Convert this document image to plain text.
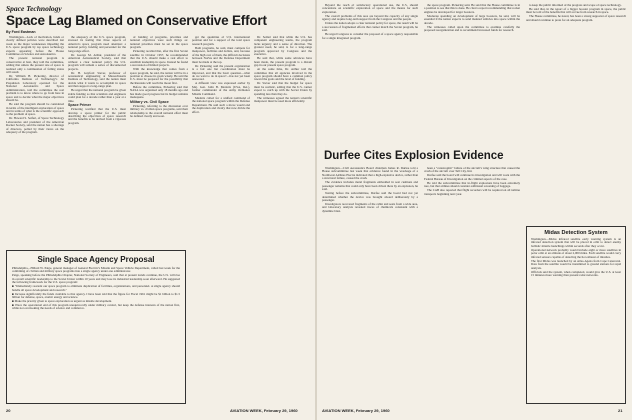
Space Technology
Space Lag Blamed on Conservative Effort
By Ford Eastman

Washington—Lack of motivation, funds or clearly defined policies were described last week as the major weaknesses impeding the U.S. space program by top space technology experts appearing before the House Committee on Science and Astronautics.

The present national program is conservative at best, they told the committee, adding that unless the present rate of space is realized only a continuation of failing status will result.

Dr. William H. Pickering, director of California Institute of Technology's Jet Propulsion Laboratory operated for the National Aeronautics and Space Administration, told the committee the real problem is to know where to go from here in space and to decide what the major objectives should be.

He said the program should be considered in terms of the intelligent exploration of space and in terms of what is the scientific approach to the problem of space.

Dr. Howard S. Seifert, of Space Technology Laboratories and president of the American Rocket Society, said the nation has a shortage of directors, polled by their views on the adequacy of the program.

the adequacy of the U.S. space program, stressed its feeling that three aspects of America's space program need attention: a national policy, funding and personnel for the long-range effort.

Dr. George M. Arthur, president of the American Astronautical Society, said that without a clear national policy the U.S. program will remain a series of disconnected projects.

Dr. H. Guyford Stever, professor of aeronautical engineering at Massachusetts Institute of Technology, said the nation must decide what it wants to accomplish in space and then support a long-range plan.

He urged that the national program be given stable funding so that scientists and engineers could plan for a decade rather than a year at a time.

Space Primer

Pickering testified that the U.S. must develop a space primer for the public describing the objectives of space research and the benefits to be derived from a vigorous program.

of funding of programs, priorities and national objectives were such things as: national priorities must be set in the space program.

Pickering recalled that, after the first Soviet satellite in October 1957, he recommended that the U.S. should make a real effort to establish leadership in space. Instead he found a succession of limited projects.

With the knowledge that comes from a space program, he said, the nation will be in a position to choose its goals wisely. He said the U.S. must be prepared for the possibility that the Russians will reach the moon first.

Before the committee, Pickering said that NASA was organized only 18 months ago and has made good progress but its budget remains inadequate.

Military vs. Civil Space

Pickering, referring to the discussion over military vs. civilian space programs, said their relationship to the overall national effort must be defined clearly and soon.

get the quantities of U.S. international position and for a support of the total space research program.

Both programs, he said, must compete for manpower, facilities and dollars, and, because of the high cost of them, the difficult decisions between NASA and the Defense Department must be made at the top.

Dr. Pickering said the present organization is a fair one but coordination must be improved, and that the basic question—what do we want to do in space?—has not yet been answered.

A different view was expressed earlier by Maj. Gen. John B. Medaris (USA, Ret.), former commander of the Army Ordnance Missile Command.

Medaris called for a unified command of the national space program within the Defense Department. He said such a move would end the duplication and rivalry that now divide the effort.

Dr. Seifert said that while the U.S. has competent engineering teams, the program lacks urgency and a sense of direction. The greatest need, he said, is for a long-range program approved by Congress and the executive.

He said that, while some advances have been made, the present program is a distant gap in our present space program.

At the same time, Dr. Arthur told the committee that all agencies involved in the space program should have a common policy toward the goals and the level of funding.

Dr. Stever said that the budget for space must be realistic, adding that the U.S. cannot expect to catch up with the Soviet Union by spending less than they do.

The witnesses agreed the nation's scientific manpower must be used more efficiently.

Single Space Agency Proposal

Philadelphia—Hillard W. Paige, general manager of General Electric's Missile and Space Vehicle Department, called last week for the combining of civilian and military space programs into a single agency under one administrator.

Paige, speaking before the Philadelphia Chapter, National Society of Engineers, said that at present trends continue, the U.S. will rise in overall scientific leadership to the Soviet Union within 10 years and may lose its industrial leadership soon afterward. He suggested the following framework for the U.S. space program:

■ "Immediately reorient our space program to eliminate duplication of facilities, organizations, and personnel. A single agency should handle all space development and research."

■ Increase significantly the funds available to that agency. I have been told that the figure for Fiscal 1961 might be $1 billion to $1.5 billion for defense, space, atomic energy and science.

■ Make the priority given to space exploration as urgent as missile development.

■ Place the operational end of this program unequivocally under military control, but keep the defense interests of the nation first, while not overlooking the needs of science and commerce.

20	AVIATION WEEK, February 29, 1960

Beyond the reach of satisfactory operational use, the U.S. should concentrate on scientific exploration of space and the means for such exploration.

The overall problems of this area are beyond the capacity of any single agency and require long-term support from the Congress and the people.

Unless the nation adopts a clear national policy for space, the result will be a succession of fragmented efforts that cannot match the Soviet program, he said.

He urged Congress to consider the proposal of a space agency responsible for a single integrated program.

the space program. Pickering said. He said that the House committee is in a position to see that this is done. He cited a report recommending that rocket engines be developed for larger boosters.

Moderate spending on development of large boosters, he said, will be essential if the nation expects to send manned vehicles into space within the decade.

The witnesses called upon the committee to examine carefully the proposed reorganization and to recommend increased funds for research.

to keep the public informed of the progress and scope of space technology.

He said that, in the report of a bigger booster program in space, the public must be told of the benefits that will accrue from research in space.

The House committee, he noted, has been a strong supporter of space research and should continue to press for an adequate program.

Durfee Cites Explosion Evidence

Washington—Civil Aeronautics Board chairman James R. Durfee told a House subcommittee last week that evidence found in the wreckage of a Northwest Airlines Electra indicated that a high-explosive device, rather than a structural failure, caused the crash.

The evidence includes metal fragments embedded in seat cushions and passenger remains that could only have been driven there by an explosion, he said.

Testing before the subcommittee, Durfee said the board had not yet determined whether the device was brought aboard deliberately by a passenger.

Investigators recovered fragments of the cabin and seats from a wide area, and laboratory analysis revealed traces of chemicals consistent with a dynamite blast.

been a "catastrophic" failure of the aircraft's wing structure that caused the crash of the aircraft over Tell City, Ind.

Durfee said the board will continue its investigation and will work with the Federal Bureau of Investigation on the criminal aspects of the case.

He told the subcommittee that in-flight explosions have been extremely rare, but that airlines should consider additional screening of baggage.

The CAB also reported that flight recorders will be required on all turbine transports beginning next year.

Midas Detection System

Washington—Midas infrared satellite early warning system is an infrared detection system that will be placed in orbit to detect enemy ballistic missile launchings within seconds after they occur.

Operational network probably would include eight or more satellites in polar orbit at an altitude of about 2,000 miles. Each satellite would carry infrared sensors capable of detecting the hot exhaust of missiles.

The first Midas was launched by an Atlas-Agena from Cape Canaveral. Data from the satellite would be transmitted to ground stations for rapid analysis.

Officials said the system, when completed, would give the U.S. at least 15 minutes more warning than present radar networks.

AVIATION WEEK, February 29, 1960	21
